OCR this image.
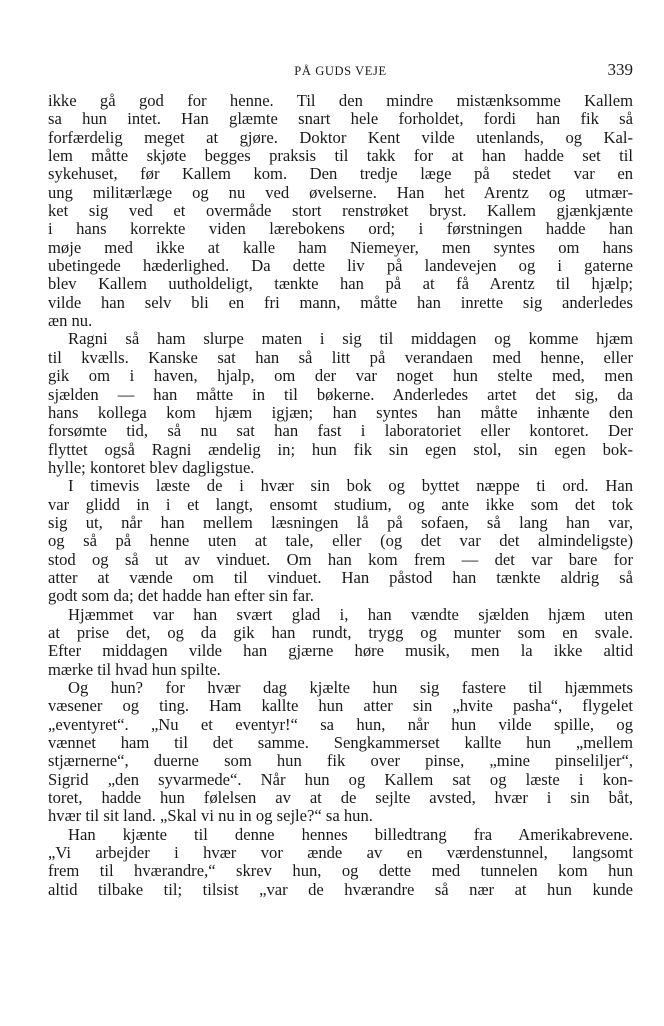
PÅ GUDS VEJE	339
ikke gå god for henne. Til den mindre mistænksomme Kallem
sa hun intet. Han glæmte snart hele forholdet, fordi han fik så
forfærdelig meget at gjøre. Doktor Kent vilde utenlands, og Kal-
lem måtte skjøte begges praksis til takk for at han hadde set til
sykehuset, før Kallem kom. Den tredje læge på stedet var en
ung militærlæge og nu ved øvelserne. Han het Arentz og utmær-
ket sig ved et overmåde stort renstrøket bryst. Kallem gjænkjænte
i hans korrekte viden lærebokens ord; i førstningen hadde han
møje med ikke at kalle ham Niemeyer, men syntes om hans
ubetingede hæderlighed. Da dette liv på landevejen og i gaterne
blev Kallem uutholdeligt, tænkte han på at få Arentz til hjælp;
vilde han selv bli en fri mann, måtte han inrette sig anderledes
æn nu.
Ragni så ham slurpe maten i sig til middagen og komme hjæm
til kvælls. Kanske sat han så litt på verandaen med henne, eller
gik om i haven, hjalp, om der var noget hun stelte med, men
sjælden — han måtte in til bøkerne. Anderledes artet det sig, da
hans kollega kom hjæm igjæn; han syntes han måtte inhænte den
forsømte tid, så nu sat han fast i laboratoriet eller kontoret. Der
flyttet også Ragni ændelig in; hun fik sin egen stol, sin egen bok-
hylle; kontoret blev dagligstue.
I timevis læste de i hvær sin bok og byttet næppe ti ord. Han
var glidd in i et langt, ensomt studium, og ante ikke som det tok
sig ut, når han mellem læsningen lå på sofaen, så lang han var,
og så på henne uten at tale, eller (og det var det almindeligste)
stod og så ut av vinduet. Om han kom frem — det var bare for
atter at vænde om til vinduet. Han påstod han tænkte aldrig så
godt som da; det hadde han efter sin far.
Hjæmmet var han svært glad i, han vændte sjælden hjæm uten
at prise det, og da gik han rundt, trygg og munter som en svale.
Efter middagen vilde han gjærne høre musik, men la ikke altid
mærke til hvad hun spilte.
Og hun? for hvær dag kjælte hun sig fastere til hjæmmets
væsener og ting. Ham kallte hun atter sin „hvite pasha“, flygelet
„eventyret“. „Nu et eventyr!“ sa hun, når hun vilde spille, og
vænnet ham til det samme. Sengkammerset kallte hun „mellem
stjærnerne“, duerne som hun fik over pinse, „mine pinseliljer“,
Sigrid „den syvarmede“. Når hun og Kallem sat og læste i kon-
toret, hadde hun følelsen av at de sejlte avsted, hvær i sin båt,
hvær til sit land. „Skal vi nu in og sejle?“ sa hun.
Han kjænte til denne hennes billedtrang fra Amerikabrevene.
„Vi arbejder i hvær vor ænde av en værdenstunnel, langsomt
frem til hværandre,“ skrev hun, og dette med tunnelen kom hun
altid tilbake til; tilsist „var de hværandre så nær at hun kunde
